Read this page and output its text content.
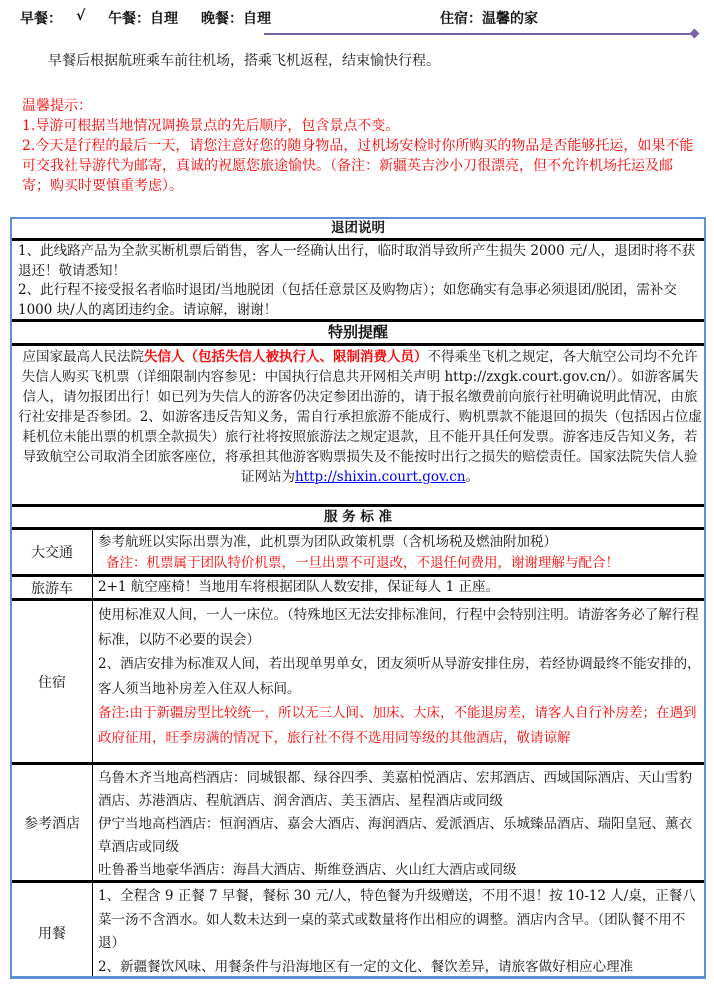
早餐： √ 午餐：自理 晚餐：自理	住宿：温馨的家
早餐后根据航班乘车前往机场，搭乘飞机返程，结束愉快行程。
温馨提示：
1.导游可根据当地情况调换景点的先后顺序，包含景点不变。
2.今天是行程的最后一天，请您注意好您的随身物品，过机场安检时你所购买的物品是否能够托运，如果不能可交我社导游代为邮寄，真诚的祝愿您旅途愉快。（备注：新疆英吉沙小刀很漂亮，但不允许机场托运及邮寄；购买时要慎重考虑）。
退团说明
1、此线路产品为全款买断机票后销售，客人一经确认出行，临时取消导致所产生损失 2000 元/人，退团时将不获退还！敬请悉知！
2、此行程不接受报名者临时退团/当地脱团（包括任意景区及购物店）；如您确实有急事必须退团/脱团，需补交 1000 块/人的离团违约金。请谅解，谢谢！
特别提醒
应国家最高人民法院失信人（包括失信人被执行人、限制消费人员）不得乘坐飞机之规定，各大航空公司均不允许失信人购买飞机票（详细限制内容参见：中国执行信息共开网相关声明 http://zxgk.court.gov.cn/）。如游客属失信人，请勿报团出行！如已列为失信人的游客仍决定参团出游的，请于报名缴费前向旅行社明确说明此情况，由旅行社安排是否参团。2、如游客违反告知义务，需自行承担旅游不能成行、购机票款不能退回的损失（包括因占位虚耗机位未能出票的机票全款损失）旅行社将按照旅游法之规定退款，且不能开具任何发票。游客违反告知义务，若导致航空公司取消全团旅客座位，将承担其他游客购票损失及不能按时出行之损失的赔偿责任。国家法院失信人验证网站为http://shixin.court.gov.cn。
服 务 标 准
大交通
参考航班以实际出票为准，此机票为团队政策机票（含机场税及燃油附加税）
备注：机票属于团队特价机票，一旦出票不可退改，不退任何费用，谢谢理解与配合！
旅游车	2+1 航空座椅！当地用车将根据团队人数安排，保证每人 1 正座。
住宿
使用标准双人间，一人一床位。（特殊地区无法安排标准间，行程中会特别注明。请游客务必了解行程标准，以防不必要的误会）
2、酒店安排为标准双人间，若出现单男单女，团友须听从导游安排住房，若经协调最终不能安排的，客人须当地补房差入住双人标间。
备注:由于新疆房型比较统一，所以无三人间、加床、大床，不能退房差，请客人自行补房差；在遇到政府征用，旺季房满的情况下，旅行社不得不选用同等级的其他酒店，敬请谅解
参考酒店
乌鲁木齐当地高档酒店：同城银都、绿谷四季、美嘉柏悦酒店、宏邦酒店、西域国际酒店、天山雪豹酒店、苏港酒店、程航酒店、润舍酒店、美玉酒店、星程酒店或同级
伊宁当地高档酒店：恒润酒店、嘉会大酒店、海润酒店、爱派酒店、乐城臻品酒店、瑞阳皇冠、薰衣草酒店或同级
吐鲁番当地豪华酒店：海昌大酒店、斯维登酒店、火山红大酒店或同级
用餐
1、全程含 9 正餐 7 早餐，餐标 30 元/人，特色餐为升级赠送，不用不退！按 10-12 人/桌，正餐八菜一汤不含酒水。如人数未达到一桌的菜式或数量将作出相应的调整。酒店内含早。（团队餐不用不退）
2、新疆餐饮风味、用餐条件与沿海地区有一定的文化、餐饮差异，请旅客做好相应心理准
